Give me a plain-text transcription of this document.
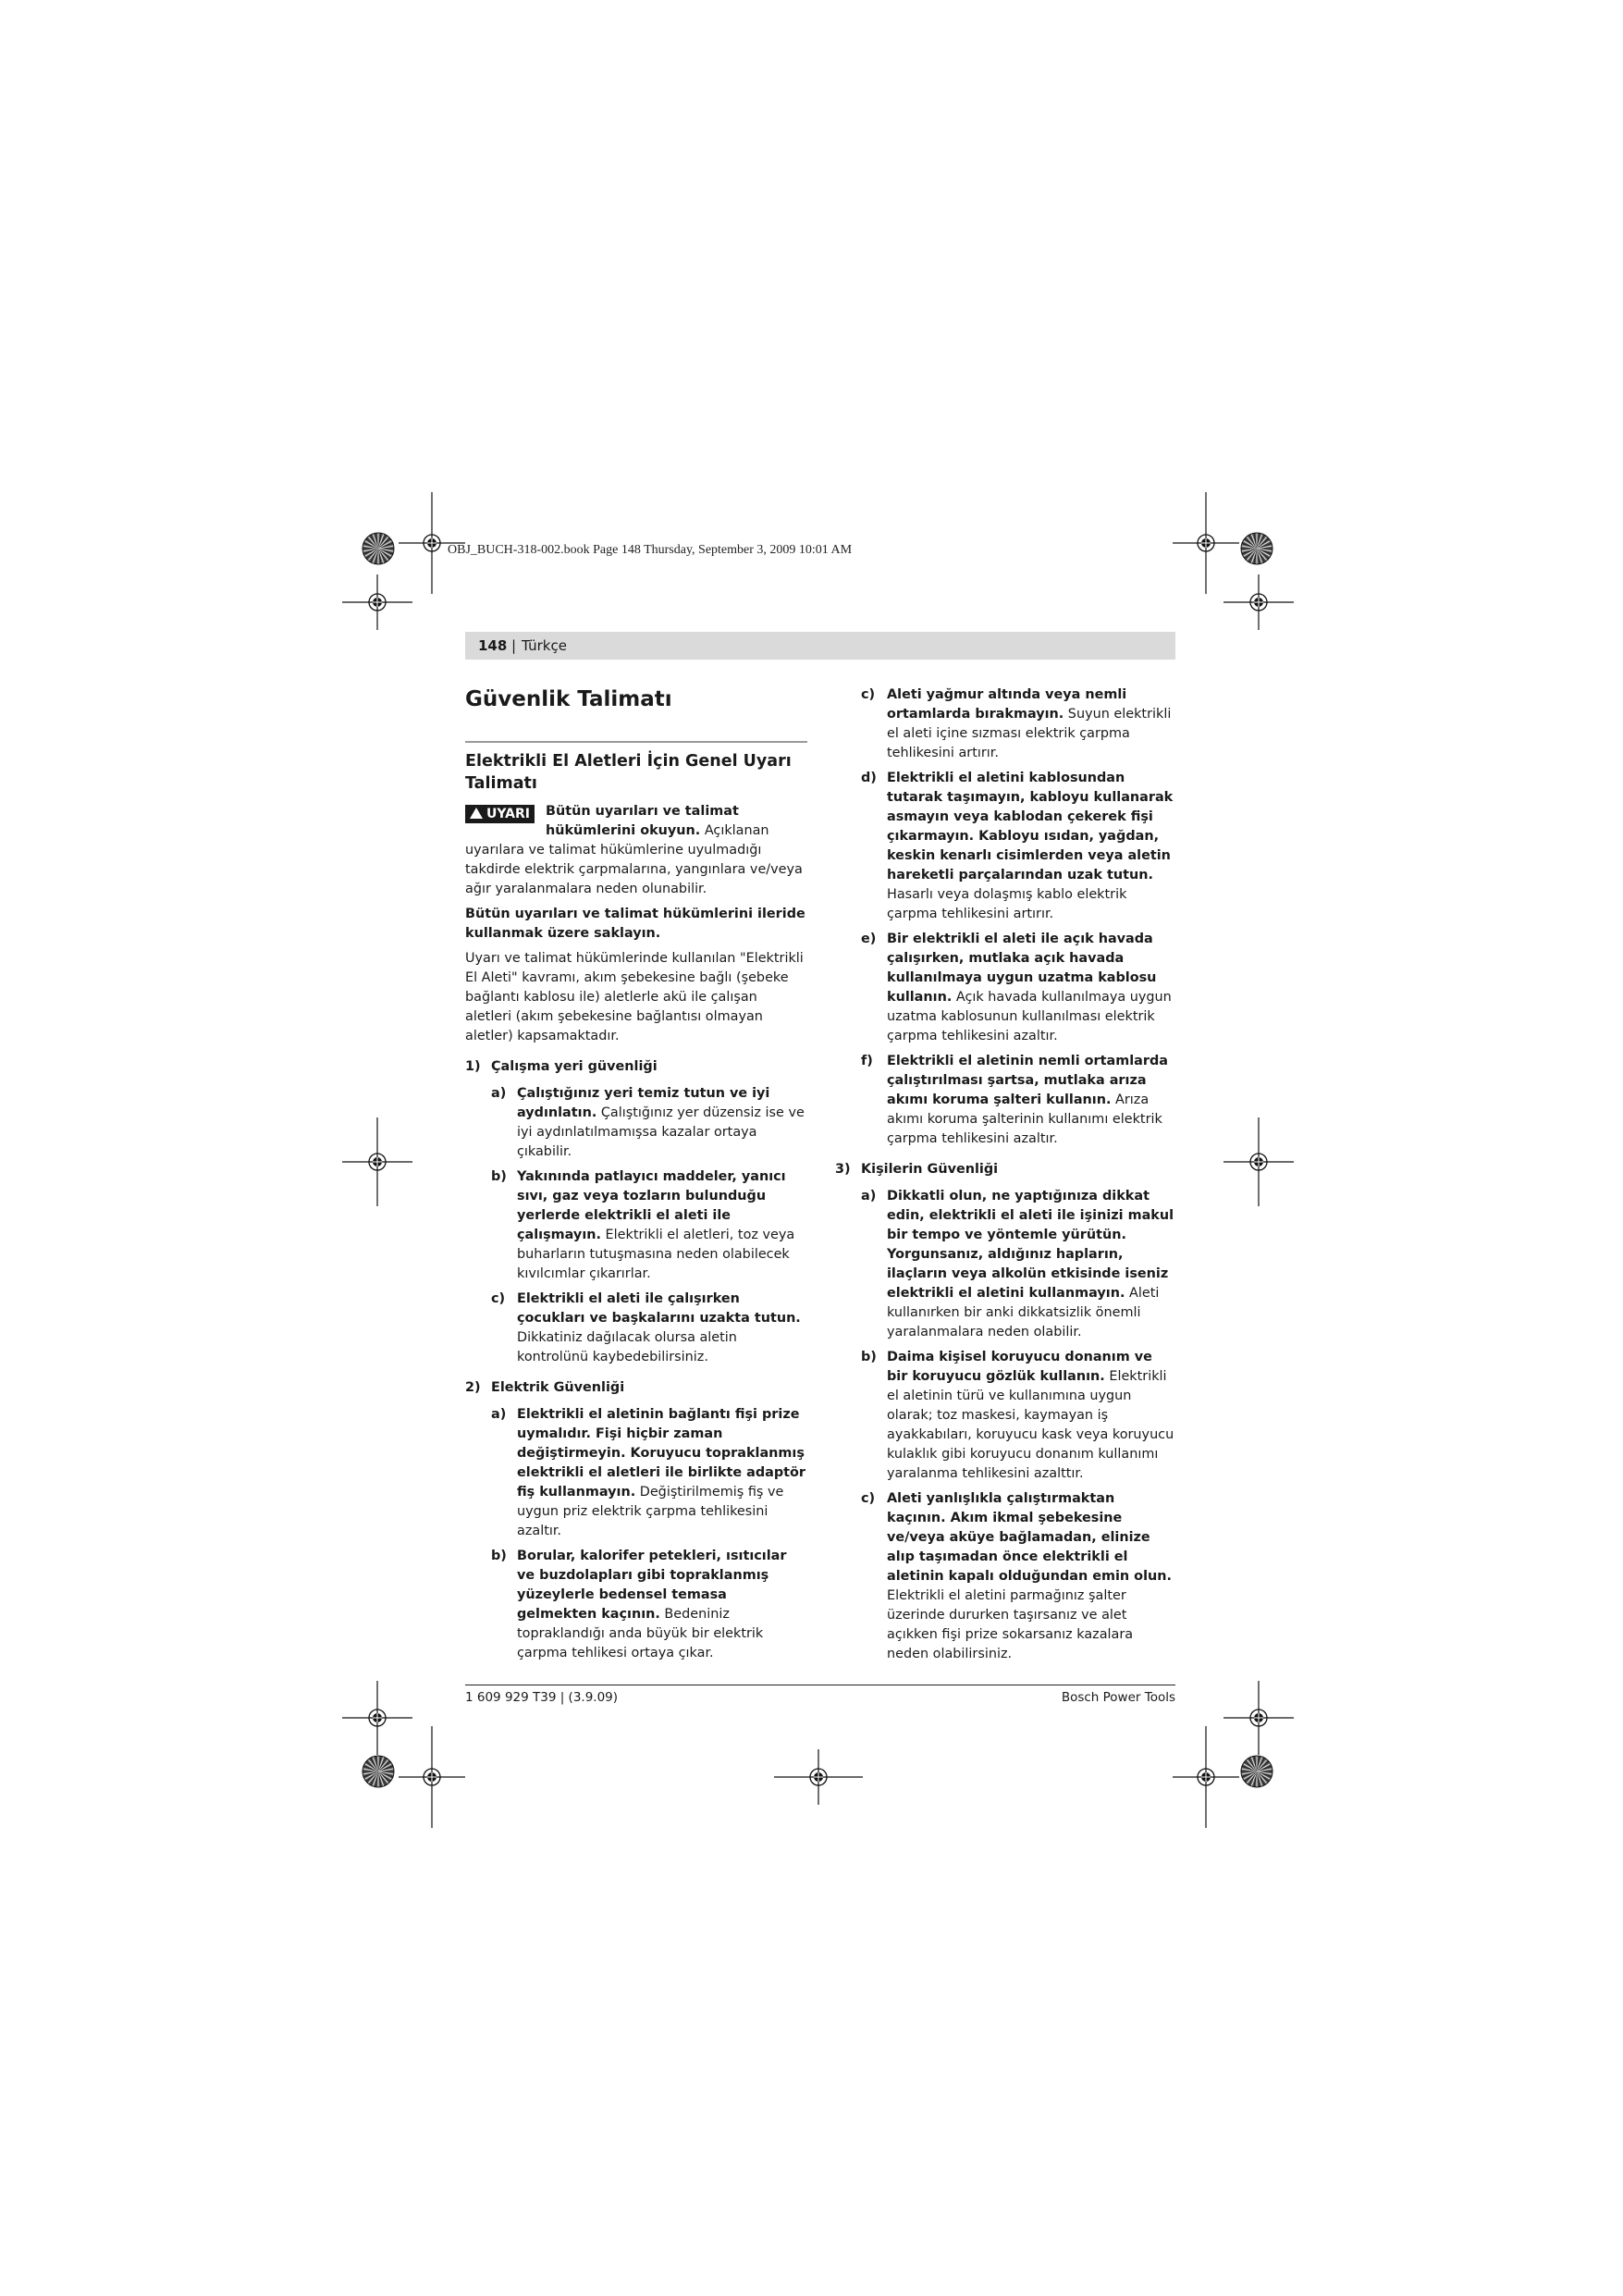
OBJ_BUCH-318-002.book Page 148 Thursday, September 3, 2009 10:01 AM
148 | Türkçe
Güvenlik Talimatı
Elektrikli El Aletleri İçin Genel Uyarı Talimatı
! UYARI	Bütün uyarıları ve talimat hükümlerini okuyun. Açıklanan uyarılara ve talimat hükümlerine uyulmadığı takdirde elektrik çarpmalarına, yangınlara ve/veya ağır yaralanmalara neden olunabilir.

Bütün uyarıları ve talimat hükümlerini ileride kullanmak üzere saklayın.

Uyarı ve talimat hükümlerinde kullanılan "Elektrikli El Aleti" kavramı, akım şebekesine bağlı (şebeke bağlantı kablosu ile) aletlerle akü ile çalışan aletleri (akım şebekesine bağlantısı olmayan aletler) kapsamaktadır.

1) Çalışma yeri güvenliği
a) Çalıştığınız yeri temiz tutun ve iyi aydınlatın. Çalıştığınız yer düzensiz ise ve iyi aydınlatılmamışsa kazalar ortaya çıkabilir.
b) Yakınında patlayıcı maddeler, yanıcı sıvı, gaz veya tozların bulunduğu yerlerde elektrikli el aleti ile çalışmayın. Elektrikli el aletleri, toz veya buharların tutuşmasına neden olabilecek kıvılcımlar çıkarırlar.
c) Elektrikli el aleti ile çalışırken çocukları ve başkalarını uzakta tutun. Dikkatiniz dağılacak olursa aletin kontrolünü kaybedebilirsiniz.
2) Elektrik Güvenliği
a) Elektrikli el aletinin bağlantı fişi prize uymalıdır. Fişi hiçbir zaman değiştirmeyin. Koruyucu topraklanmış elektrikli el aletleri ile birlikte adaptör fiş kullanmayın. Değiştirilmemiş fiş ve uygun priz elektrik çarpma tehlikesini azaltır.
b) Borular, kalorifer petekleri, ısıtıcılar ve buzdolapları gibi topraklanmış yüzeylerle bedensel temasa gelmekten kaçının. Bedeniniz topraklandığı anda büyük bir elektrik çarpma tehlikesi ortaya çıkar.
c) Aleti yağmur altında veya nemli ortamlarda bırakmayın. Suyun elektrikli el aleti içine sızması elektrik çarpma tehlikesini artırır.
d) Elektrikli el aletini kablosundan tutarak taşımayın, kabloyu kullanarak asmayın veya kablodan çekerek fişi çıkarmayın. Kabloyu ısıdan, yağdan, keskin kenarlı cisimlerden veya aletin hareketli parçalarından uzak tutun. Hasarlı veya dolaşmış kablo elektrik çarpma tehlikesini artırır.
e) Bir elektrikli el aleti ile açık havada çalışırken, mutlaka açık havada kullanılmaya uygun uzatma kablosu kullanın. Açık havada kullanılmaya uygun uzatma kablosunun kullanılması elektrik çarpma tehlikesini azaltır.
f) Elektrikli el aletinin nemli ortamlarda çalıştırılması şartsa, mutlaka arıza akımı koruma şalteri kullanın. Arıza akımı koruma şalterinin kullanımı elektrik çarpma tehlikesini azaltır.
3) Kişilerin Güvenliği
a) Dikkatli olun, ne yaptığınıza dikkat edin, elektrikli el aleti ile işinizi makul bir tempo ve yöntemle yürütün. Yorgunsanız, aldığınız hapların, ilaçların veya alkolün etkisinde iseniz elektrikli el aletini kullanmayın. Aleti kullanırken bir anki dikkatsizlik önemli yaralanmalara neden olabilir.
b) Daima kişisel koruyucu donanım ve bir koruyucu gözlük kullanın. Elektrikli el aletinin türü ve kullanımına uygun olarak; toz maskesi, kaymayan iş ayakkabıları, koruyucu kask veya koruyucu kulaklık gibi koruyucu donanım kullanımı yaralanma tehlikesini azalttır.
c) Aleti yanlışlıkla çalıştırmaktan kaçının. Akım ikmal şebekesine ve/veya aküye bağlamadan, elinize alıp taşımadan önce elektrikli el aletinin kapalı olduğundan emin olun. Elektrikli el aletini parmağınız şalter üzerinde dururken taşırsanız ve alet açıkken fişi prize sokarsanız kazalara neden olabilirsiniz.
1 609 929 T39 | (3.9.09)	Bosch Power Tools
